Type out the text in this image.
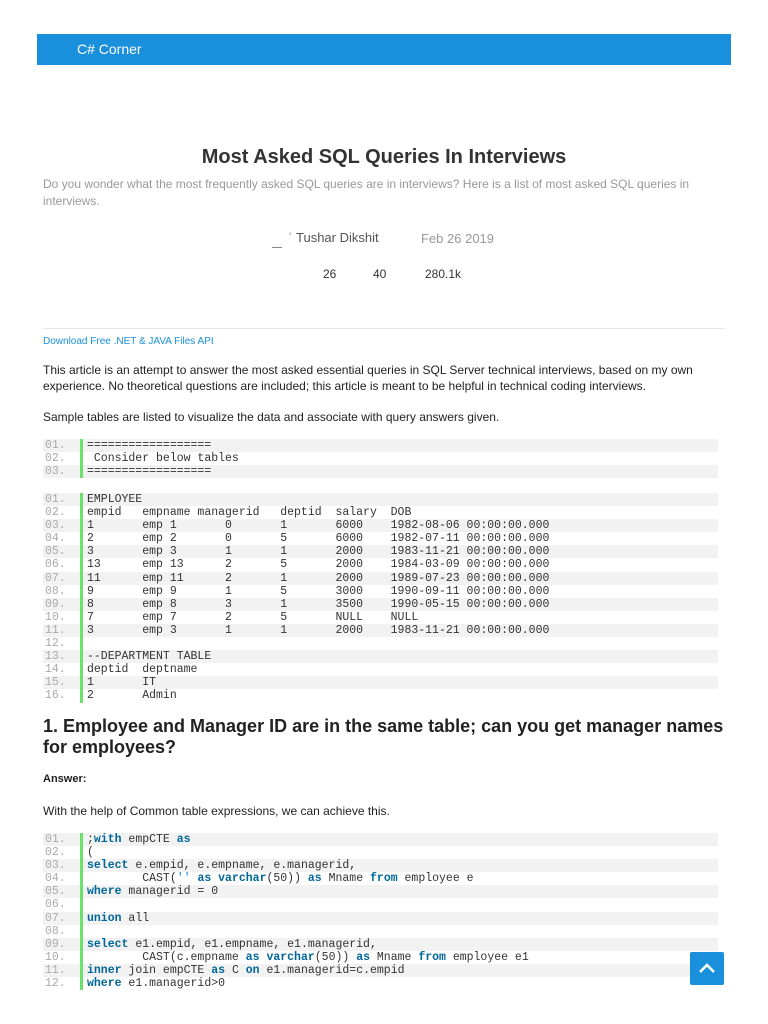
C# Corner
Most Asked SQL Queries In Interviews

Do you wonder what the most frequently asked SQL queries are in interviews? Here is a list of most asked SQL queries in interviews.

' Tushar Dikshit	Feb 26 2019
26	40	280.1k
Download Free .NET & JAVA Files API

This article is an attempt to answer the most asked essential queries in SQL Server technical interviews, based on my own experience. No theoretical questions are included; this article is meant to be helpful in technical coding interviews.

Sample tables are listed to visualize the data and associate with query answers given.

01.	==================
02.	Consider below tables
03.	==================
01.	EMPLOYEE
02.	empid   empname managerid   deptid  salary  DOB
03.	1       emp 1       0       1       6000    1982-08-06 00:00:00.000
04.	2       emp 2       0       5       6000    1982-07-11 00:00:00.000
05.	3       emp 3       1       1       2000    1983-11-21 00:00:00.000
06.	13      emp 13      2       5       2000    1984-03-09 00:00:00.000
07.	11      emp 11      2       1       2000    1989-07-23 00:00:00.000
08.	9       emp 9       1       5       3000    1990-09-11 00:00:00.000
09.	8       emp 8       3       1       3500    1990-05-15 00:00:00.000
10.	7       emp 7       2       5       NULL    NULL
11.	3       emp 3       1       1       2000    1983-11-21 00:00:00.000
12.
13.	--DEPARTMENT TABLE
14.	deptid  deptname
15.	1       IT
16.	2       Admin
1. Employee and Manager ID are in the same table; can you get manager names for employees?

Answer:

With the help of Common table expressions, we can achieve this.

01.	;with empCTE as
02.	(
03.	select e.empid, e.empname, e.managerid,
04.	CAST('' as varchar(50)) as Mname from employee e
05.	where managerid = 0
06.
07.	union all
08.
09.	select e1.empid, e1.empname, e1.managerid,
10.	CAST(c.empname as varchar(50)) as Mname from employee e1
11.	inner join empCTE as C on e1.managerid=c.empid
12.	where e1.managerid>0
